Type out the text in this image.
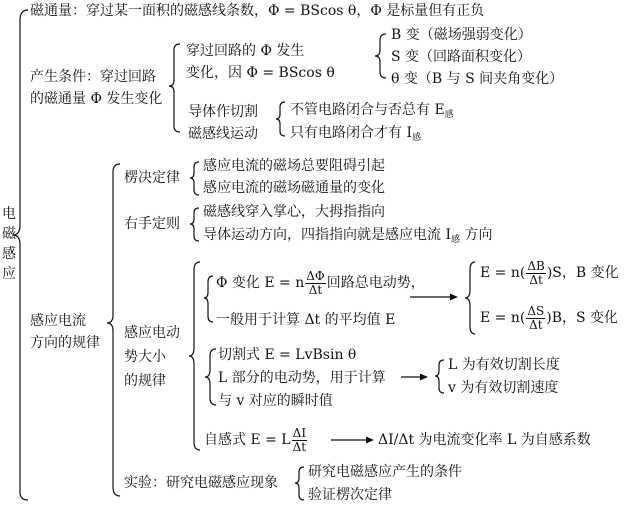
电
磁
感
应
磁通量：穿过某一面积的磁感线条数，Φ = BScos θ，Φ 是标量但有正负
产生条件：穿过回路
的磁通量 Φ 发生变化
穿过回路的 Φ 发生
变化，因 Φ = BScos θ
B 变（磁场强弱变化）
S 变（回路面积变化）
θ 变（B 与 S 间夹角变化）
导体作切割
磁感线运动
不管电路闭合与否总有 $E_感$
只有电路闭合才有 $I_感$
感应电流
方向的规律
楞决定律
感应电流的磁场总要阻碍引起
感应电流的磁场磁通量的变化
右手定则
磁感线穿入掌心，大拇指指向
导体运动方向，四指指向就是感应电流 $I_感$ 方向
感应电动
势大小
的规律
Φ 变化 E = n $\frac{\Delta\Phi}{\Delta t}$ 回路总电动势，
一般用于计算 Δt 的平均值 E
$E = n( \frac{\Delta B}{\Delta t} )S$，B 变化
$E = n( \frac{\Delta S}{\Delta t} )B$，S 变化
切割式 E = LvBsin θ
L 部分的电动势，用于计算
与 v 对应的瞬时值
L 为有效切割长度
v 为有效切割速度
自感式 E = L $\frac{\Delta I}{\Delta t}$	ΔI/Δt 为电流变化率 L 为自感系数
实验：研究电磁感应现象
研究电磁感应产生的条件
验证楞次定律
